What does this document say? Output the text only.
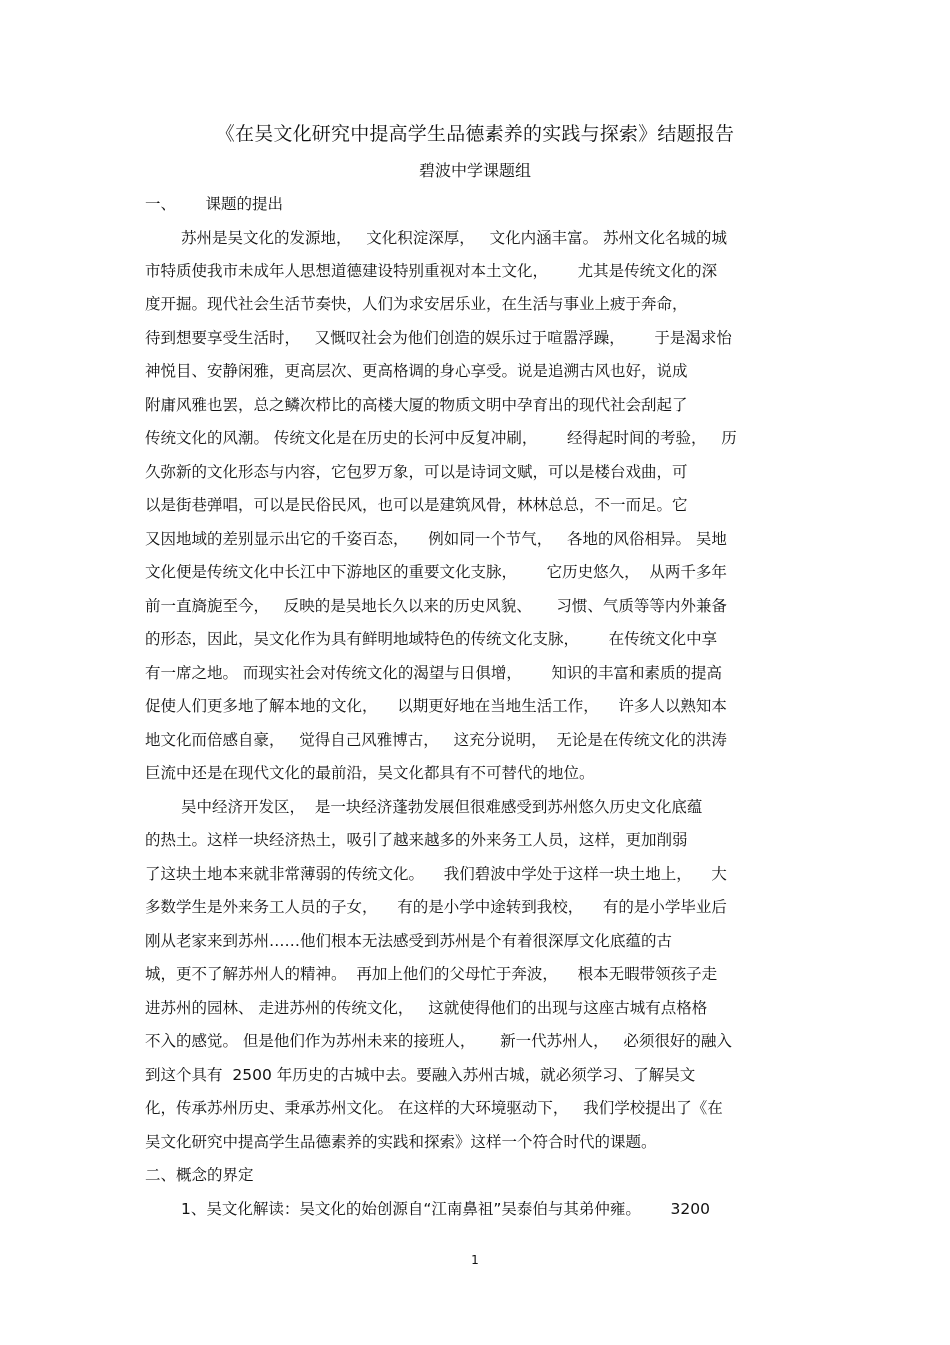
《在吴文化研究中提高学生品德素养的实践与探索》结题报告
碧波中学课题组
一、      课题的提出
苏州是吴文化的发源地，   文化积淀深厚，   文化内涵丰富。 苏州文化名城的城
市特质使我市未成年人思想道德建设特别重视对本土文化，      尤其是传统文化的深
度开掘。现代社会生活节奏快，人们为求安居乐业，在生活与事业上疲于奔命，
待到想要享受生活时，   又慨叹社会为他们创造的娱乐过于喧嚣浮躁，      于是渴求怡
神悦目、安静闲雅，更高层次、更高格调的身心享受。说是追溯古风也好，说成
附庸风雅也罢，总之鳞次栉比的高楼大厦的物质文明中孕育出的现代社会刮起了
传统文化的风潮。 传统文化是在历史的长河中反复冲刷，      经得起时间的考验，   历
久弥新的文化形态与内容，它包罗万象，可以是诗词文赋，可以是楼台戏曲，可
以是街巷弹唱，可以是民俗民风，也可以是建筑风骨，林林总总，不一而足。它
又因地域的差别显示出它的千姿百态，    例如同一个节气，   各地的风俗相异。 吴地
文化便是传统文化中长江中下游地区的重要文化支脉，      它历史悠久，  从两千多年
前一直旖旎至今，   反映的是吴地长久以来的历史风貌、     习惯、气质等等内外兼备
的形态，因此，吴文化作为具有鲜明地域特色的传统文化支脉，      在传统文化中享
有一席之地。 而现实社会对传统文化的渴望与日俱增，      知识的丰富和素质的提高
促使人们更多地了解本地的文化，    以期更好地在当地生活工作，    许多人以熟知本
地文化而倍感自豪，   觉得自己风雅博古，   这充分说明，  无论是在传统文化的洪涛
巨流中还是在现代文化的最前沿，吴文化都具有不可替代的地位。
吴中经济开发区，  是一块经济蓬勃发展但很难感受到苏州悠久历史文化底蕴
的热土。这样一块经济热土，吸引了越来越多的外来务工人员，这样，更加削弱
了这块土地本来就非常薄弱的传统文化。    我们碧波中学处于这样一块土地上，    大
多数学生是外来务工人员的子女，    有的是小学中途转到我校，    有的是小学毕业后
刚从老家来到苏州……他们根本无法感受到苏州是个有着很深厚文化底蕴的古
城，更不了解苏州人的精神。  再加上他们的父母忙于奔波，    根本无暇带领孩子走
进苏州的园林、 走进苏州的传统文化，   这就使得他们的出现与这座古城有点格格
不入的感觉。 但是他们作为苏州未来的接班人，     新一代苏州人，   必须很好的融入
到这个具有  2500 年历史的古城中去。要融入苏州古城，就必须学习、了解吴文
化，传承苏州历史、秉承苏州文化。 在这样的大环境驱动下，   我们学校提出了《在
吴文化研究中提高学生品德素养的实践和探索》这样一个符合时代的课题。
二、概念的界定
1、吴文化解读：吴文化的始创源自“江南鼻祖”吴泰伯与其弟仲雍。      3200
1
